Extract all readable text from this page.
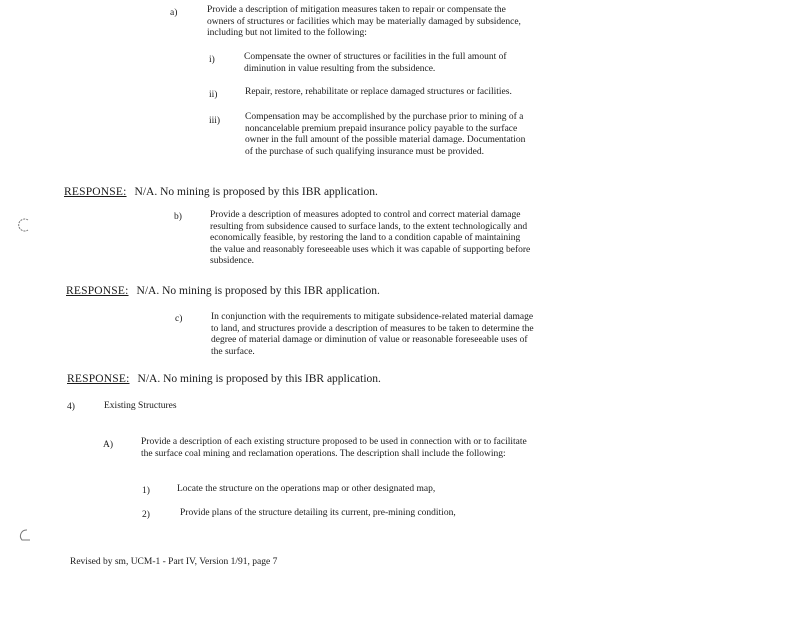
a)	Provide a description of mitigation measures taken to repair or compensate the owners of structures or facilities which may be materially damaged by subsidence, including but not limited to the following:
i)	Compensate the owner of structures or facilities in the full amount of diminution in value resulting from the subsidence.
ii)	Repair, restore, rehabilitate or replace damaged structures or facilities.
iii)	Compensation may be accomplished by the purchase prior to mining of a noncancelable premium prepaid insurance policy payable to the surface owner in the full amount of the possible material damage. Documentation of the purchase of such qualifying insurance must be provided.
RESPONSE: N/A. No mining is proposed by this IBR application.
b)	Provide a description of measures adopted to control and correct material damage resulting from subsidence caused to surface lands, to the extent technologically and economically feasible, by restoring the land to a condition capable of maintaining the value and reasonably foreseeable uses which it was capable of supporting before subsidence.
RESPONSE: N/A. No mining is proposed by this IBR application.
c)	In conjunction with the requirements to mitigate subsidence-related material damage to land, and structures provide a description of measures to be taken to determine the degree of material damage or diminution of value or reasonable foreseeable uses of the surface.
RESPONSE: N/A. No mining is proposed by this IBR application.
4)	Existing Structures
A)	Provide a description of each existing structure proposed to be used in connection with or to facilitate the surface coal mining and reclamation operations. The description shall include the following:
1)	Locate the structure on the operations map or other designated map,
2)	Provide plans of the structure detailing its current, pre-mining condition,
Revised by sm, UCM-1 - Part IV, Version 1/91, page 7
